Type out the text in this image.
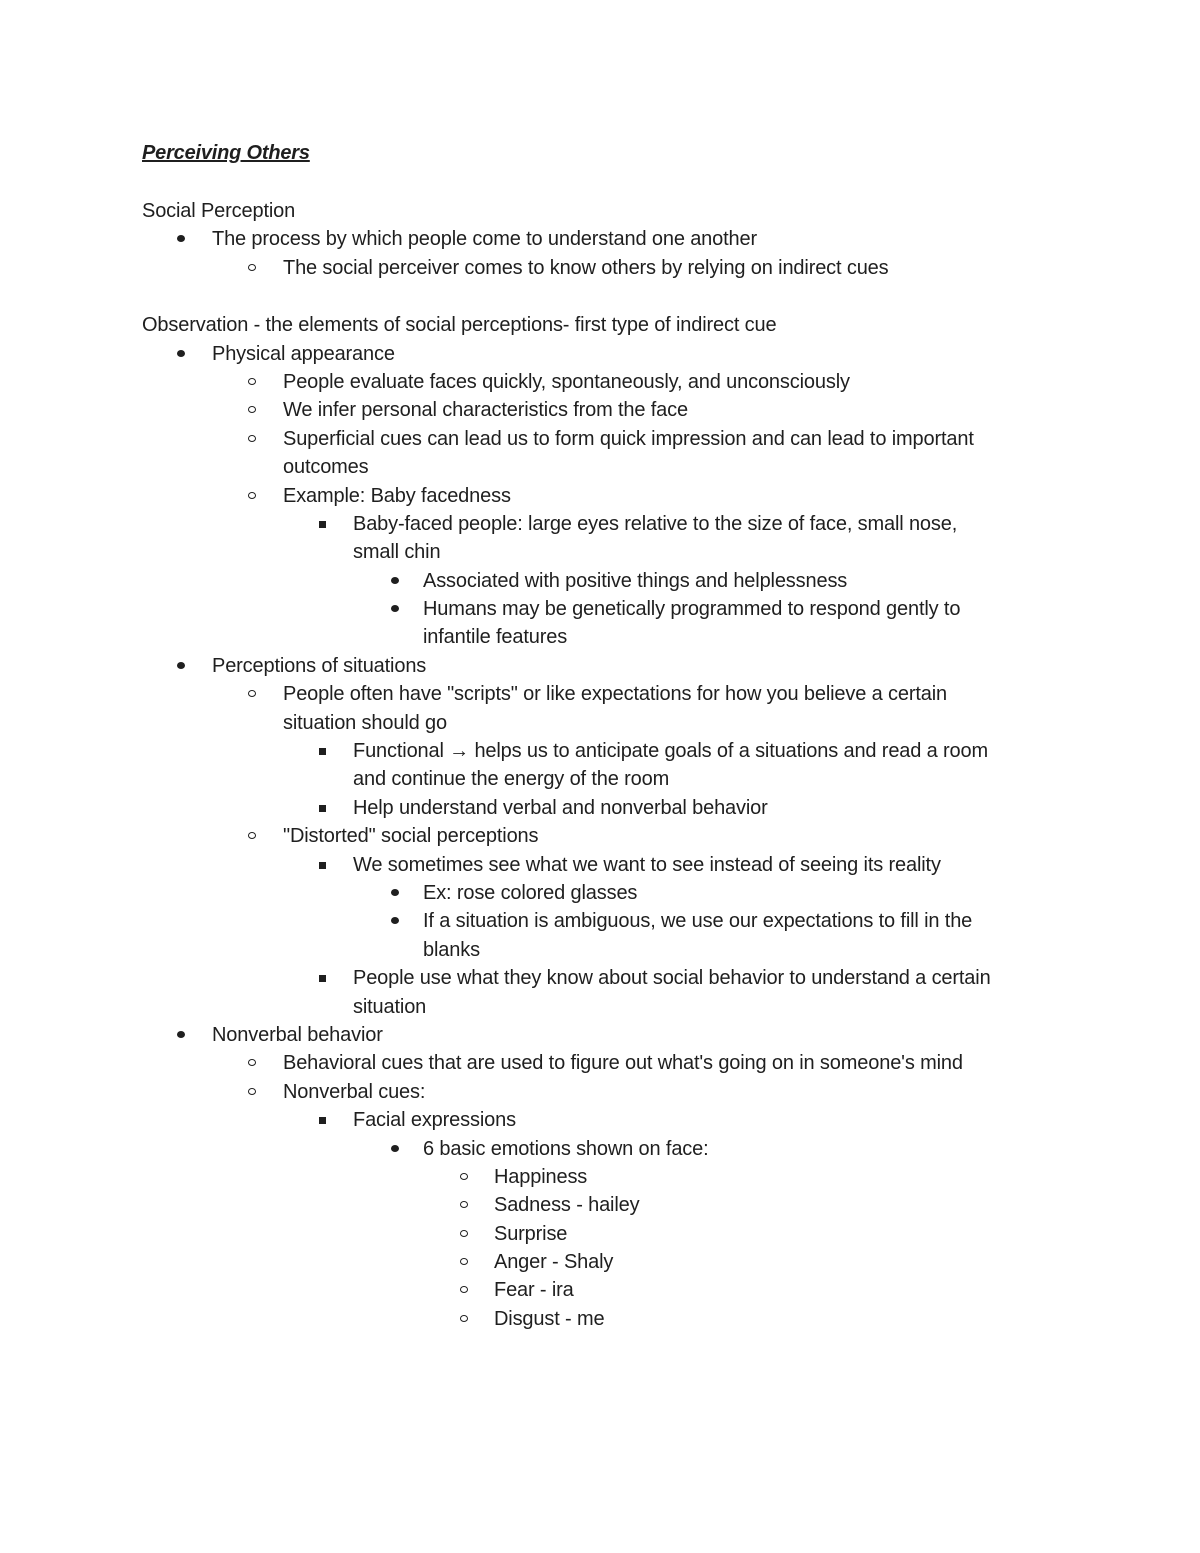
Perceiving Others
Social Perception
The process by which people come to understand one another
The social perceiver comes to know others by relying on indirect cues
Observation - the elements of social perceptions- first type of indirect cue
Physical appearance
People evaluate faces quickly, spontaneously, and unconsciously
We infer personal characteristics from the face
Superficial cues can lead us to form quick impression and can lead to important
outcomes
Example: Baby facedness
Baby-faced people: large eyes relative to the size of face, small nose,
small chin
Associated with positive things and helplessness
Humans may be genetically programmed to respond gently to
infantile features
Perceptions of situations
People often have "scripts" or like expectations for how you believe a certain
situation should go
Functional → helps us to anticipate goals of a situations and read a room
and continue the energy of the room
Help understand verbal and nonverbal behavior
"Distorted" social perceptions
We sometimes see what we want to see instead of seeing its reality
Ex: rose colored glasses
If a situation is ambiguous, we use our expectations to fill in the
blanks
People use what they know about social behavior to understand a certain
situation
Nonverbal behavior
Behavioral cues that are used to figure out what's going on in someone's mind
Nonverbal cues:
Facial expressions
6 basic emotions shown on face:
Happiness
Sadness - hailey
Surprise
Anger - Shaly
Fear - ira
Disgust - me
